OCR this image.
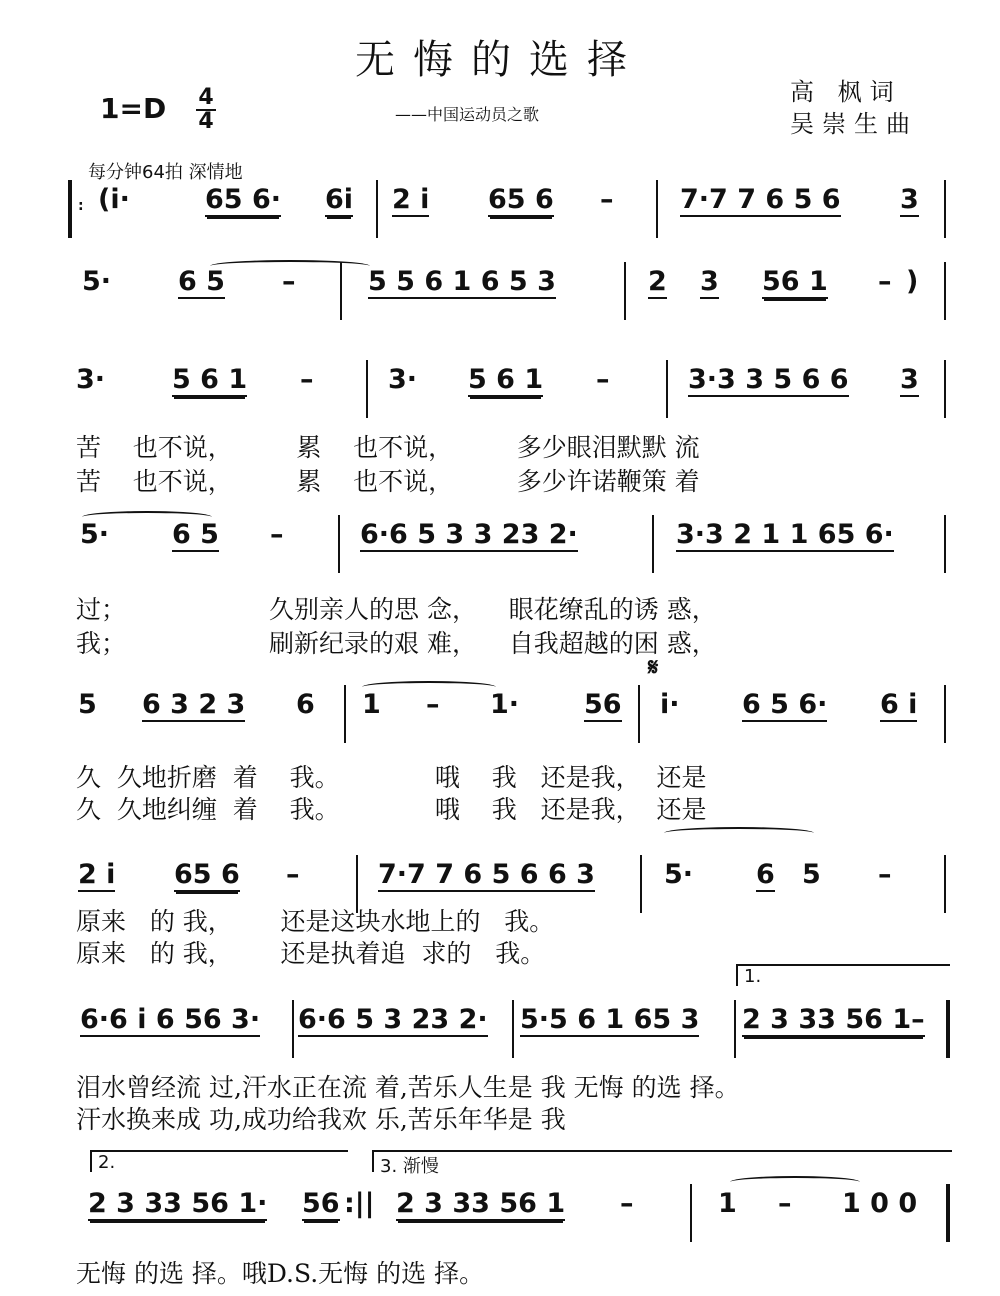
无悔的选择
1=D 4
4	——中国运动员之歌
高 枫词
吴崇生曲
每分钟64拍 深情地
: (i·	65 6· 6i 2 i 65 6 – 7·7 7 6 5 6 3
5· 6 5 –	5 5 6 1 6 5 3	2 3 56 1 – )
3· 5 6 1 –	3· 5 6 1 –	3·3 3 5 6 6 3
苦    也不说，        累    也不说，        多少眼泪默默 流
苦    也不说，        累    也不说，        多少许诺鞭策 着
5· 6 5 –	6·6 5 3 3 23 2·	3·3 2 1 1 65 6·
过；                  久别亲人的思 念，    眼花缭乱的诱 惑，
我；                  刷新纪录的艰 难，    自我超越的困 惑，
𝄋
5 6 3 2 3 6 1 – 1· 56 i· 6 5 6· 6 i
久  久地折磨  着    我。            哦    我   还是我，  还是
久  久地纠缠  着    我。            哦    我   还是我，  还是
2 i 65 6 –	7·7 7 6 5 6 6 3	5· 6 5 –
原来   的 我，      还是这块水地上的   我。
原来   的 我，      还是执着追  求的   我。
1.
6·6 i 6 56 3· 6·6 5 3 23 2· 5·5 6 1 65 3 2 3 33 56 1–
泪水曾经流 过,汗水正在流 着,苦乐人生是 我 无悔 的选 择。
汗水换来成 功,成功给我欢 乐,苦乐年华是 我
2.	3. 渐慢
2 3 33 56 1· 56 :|| 2 3 33 56 1 –	1 – 1 0 0
无悔 的选 择。哦D.S.无悔 的选 择。
